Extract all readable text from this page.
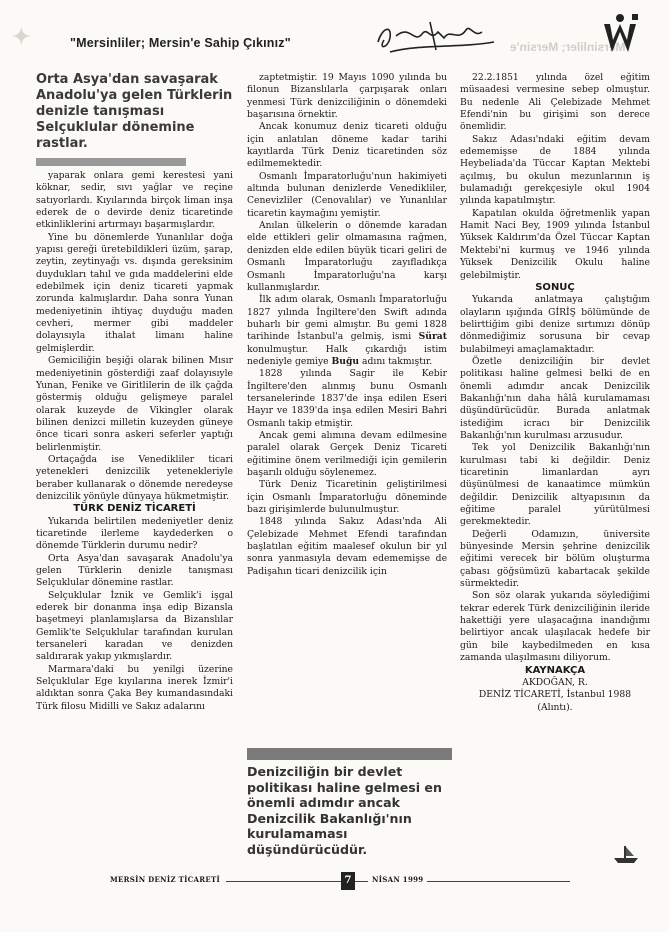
✦	"Mersinliler; Mersin'e Sahip Çıkınız"	"Mersinliler; Mersin'e
Orta Asya'dan savaşarak Anadolu'ya gelen Türklerin denizle tanışması Selçuklular dönemine rastlar.

yaparak onlara gemi kerestesi yani köknar, sedir, sıvı yağlar ve reçine satıyorlardı. Kıyılarında birçok liman inşa ederek de o devirde deniz ticaretinde etkinliklerini artırmayı başarmışlardır.

Yine bu dönemlerde Yunanlılar doğa yapısı gereği üretebildikleri üzüm, şarap, zeytin, zeytinyağı vs. dışında gereksinim duydukları tahıl ve gıda maddelerini elde edebilmek için deniz ticareti yapmak zorunda kalmışlardır. Daha sonra Yunan medeniyetinin ihtiyaç duyduğu maden cevheri, mermer gibi maddeler dolayısıyla ithalat limanı haline gelmişlerdir.

Gemiciliğin beşiği olarak bilinen Mısır medeniyetinin gösterdiği zaaf dolayısıyle Yunan, Fenike ve Giritlilerin de ilk çağda göstermiş olduğu gelişmeye paralel olarak kuzeyde de Vikingler olarak bilinen denizci milletin kuzeyden güneye önce ticari sonra askeri seferler yaptığı belirlenmiştir.

Ortaçağda ise Venedikliler ticari yetenekleri denizcilik yetenekleriyle beraber kullanarak o dönemde neredeyse denizcilik yönüyle dünyaya hükmetmiştir.

TÜRK DENİZ TİCARETİ

Yukarıda belirtilen medeniyetler deniz ticaretinde ilerleme kaydederken o dönemde Türklerin durumu nedir?

Orta Asya'dan savaşarak Anadolu'ya gelen Türklerin denizle tanışması Selçuklular dönemine rastlar.

Selçuklular İznik ve Gemlik'i işgal ederek bir donanma inşa edip Bizansla başetmeyi planlamışlarsa da Bizanslılar Gemlik'te Selçuklular tarafından kurulan tersaneleri karadan ve denizden saldırarak yakıp yıkmışlardır.

Marmara'daki bu yenilgi üzerine Selçuklular Ege kıyılarına inerek İzmir'i aldıktan sonra Çaka Bey kumandasındaki Türk filosu Midilli ve Sakız adalarını

zaptetmiştir. 19 Mayıs 1090 yılında bu filonun Bizanslılarla çarpışarak onları yenmesi Türk denizciliğinin o dönemdeki başarısına örnektir.

Ancak konumuz deniz ticareti olduğu için anlatılan döneme kadar tarihi kayıtlarda Türk Deniz ticaretinden söz edilmemektedir.

Osmanlı İmparatorluğu'nun hakimiyeti altında bulunan denizlerde Venedikliler, Cenevizliler (Cenovalılar) ve Yunanlılar ticaretin kaymağını yemiştir.

Anılan ülkelerin o dönemde karadan elde ettikleri gelir olmamasına rağmen, denizden elde edilen büyük ticari geliri de Osmanlı İmparatorluğu zayıfladıkça Osmanlı İmparatorluğu'na karşı kullanmışlardır.

İlk adım olarak, Osmanlı İmparatorluğu 1827 yılında İngiltere'den Swift adında buharlı bir gemi almıştır. Bu gemi 1828 tarihinde İstanbul'a gelmiş, ismi Sürat konulmuştur. Halk çıkardığı istim nedeniyle gemiye Buğu adını takmıştır.

1828 yılında Sagir ile Kebir İngiltere'den alınmış bunu Osmanlı tersanelerinde 1837'de inşa edilen Eseri Hayır ve 1839'da inşa edilen Mesiri Bahri Osmanlı takip etmiştir.

Ancak gemi alımına devam edilmesine paralel olarak Gerçek Deniz Ticareti eğitimine önem verilmediği için gemilerin başarılı olduğu söylenemez.

Türk Deniz Ticaretinin geliştirilmesi için Osmanlı İmparatorluğu döneminde bazı girişimlerde bulunulmuştur.

1848 yılında Sakız Adası'nda Ali Çelebizade Mehmet Efendi tarafından başlatılan eğitim maalesef okulun bir yıl sonra yanmasıyla devam edememişse de Padişahın ticari denizcilik için

Denizciliğin bir devlet politikası haline gelmesi en önemli adımdır ancak Denizcilik Bakanlığı'nın kurulamaması düşündürücüdür.

22.2.1851 yılında özel eğitim müsaadesi vermesine sebep olmuştur. Bu nedenle Ali Çelebizade Mehmet Efendi'nin bu girişimi son derece önemlidir.

Sakız Adası'ndaki eğitim devam edememişse de 1884 yılında Heybeliada'da Tüccar Kaptan Mektebi açılmış, bu okulun mezunlarının iş bulamadığı gerekçesiyle okul 1904 yılında kapatılmıştır.

Kapatılan okulda öğretmenlik yapan Hamit Naci Bey, 1909 yılında İstanbul Yüksek Kaldırım'da Özel Tüccar Kaptan Mektebi'ni kurmuş ve 1946 yılında Yüksek Denizcilik Okulu haline gelebilmiştir.

SONUÇ

Yukarıda anlatmaya çalıştığım olayların ışığında GİRİŞ bölümünde de belirttiğim gibi denize sırtımızı dönüp dönmediğimiz sorusuna bir cevap bulabilmeyi amaçlamaktadır.

Özetle denizciliğin bir devlet politikası haline gelmesi belki de en önemli adımdır ancak Denizcilik Bakanlığı'nın daha hâlâ kurulamaması düşündürücüdür. Burada anlatmak istediğim icracı bir Denizcilik Bakanlığı'nın kurulması arzusudur.

Tek yol Denizcilik Bakanlığı'nın kurulması tabi ki değildir. Deniz ticaretinin limanlardan ayrı düşünülmesi de kanaatimce mümkün değildir. Denizcilik altyapısının da eğitime paralel yürütülmesi gerekmektedir.

Değerli Odamızın, üniversite bünyesinde Mersin şehrine denizcilik eğitimi verecek bir bölüm oluşturma çabası göğsümüzü kabartacak şekilde sürmektedir.

Son söz olarak yukarıda söylediğimi tekrar ederek Türk denizciliğinin ileride hakettiği yere ulaşacağına inandığımı belirtiyor ancak ulaşılacak hedefe bir gün bile kaybedilmeden en kısa zamanda ulaşılmasını diliyorum.

KAYNAKÇA

AKDOĞAN, R.

DENİZ TİCARETİ, İstanbul 1988

(Alıntı).

MERSİN DENİZ TİCARETİ	7	NİSAN 1999
